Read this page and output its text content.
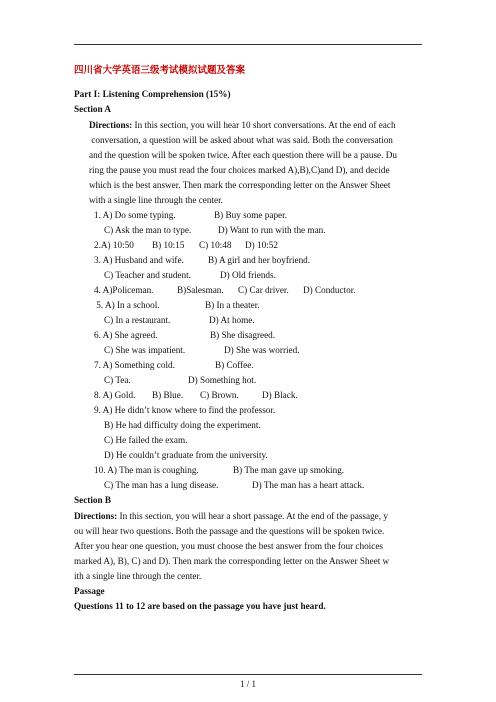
四川省大学英语三级考试模拟试题及答案
Part I: Listening Comprehension (15%)
Section A
Directions: In this section, you will hear 10 short conversations. At the end of each
conversation, a question will be asked about what was said. Both the conversation
and the question will be spoken twice. After each question there will be a pause. Du
ring the pause you must read the four choices marked A),B),C)and D), and decide
which is the best answer. Then mark the corresponding letter on the Answer Sheet
with a single line through the center.
1. A) Do some typing.	B) Buy some paper.
C) Ask the man to type.	D) Want to run with the man.
2.A) 10:50 B) 10:15 C) 10:48 D) 10:52
3. A) Husband and wife.	B) A girl and her boyfriend.
C) Teacher and student.	D) Old friends.
4. A)Policeman.	B)Salesman. C) Car driver. D) Conductor.
5. A) In a school.	B) In a theater.
C) In a restaurant.	D) At home.
6. A) She agreed.	B) She disagreed.
C) She was impatient.	D) She was worried.
7. A) Something cold.	B) Coffee.
C) Tea.	D) Something hot.
8. A) Gold. B) Blue. C) Brown.	D) Black.
9. A) He didn’t know where to find the professor.
B) He had difficulty doing the experiment.
C) He failed the exam.
D) He couldn’t graduate from the university.
10. A) The man is coughing.	B) The man gave up smoking.
C) The man has a lung disease.	D) The man has a heart attack.
Section B
Directions: In this section, you will hear a short passage. At the end of the passage, y
ou will hear two questions. Both the passage and the questions will be spoken twice.
After you hear one question, you must choose the best answer from the four choices
marked A), B), C) and D). Then mark the corresponding letter on the Answer Sheet w
ith a single line through the center.
Passage
Questions 11 to 12 are based on the passage you have just heard.
1 / 1
